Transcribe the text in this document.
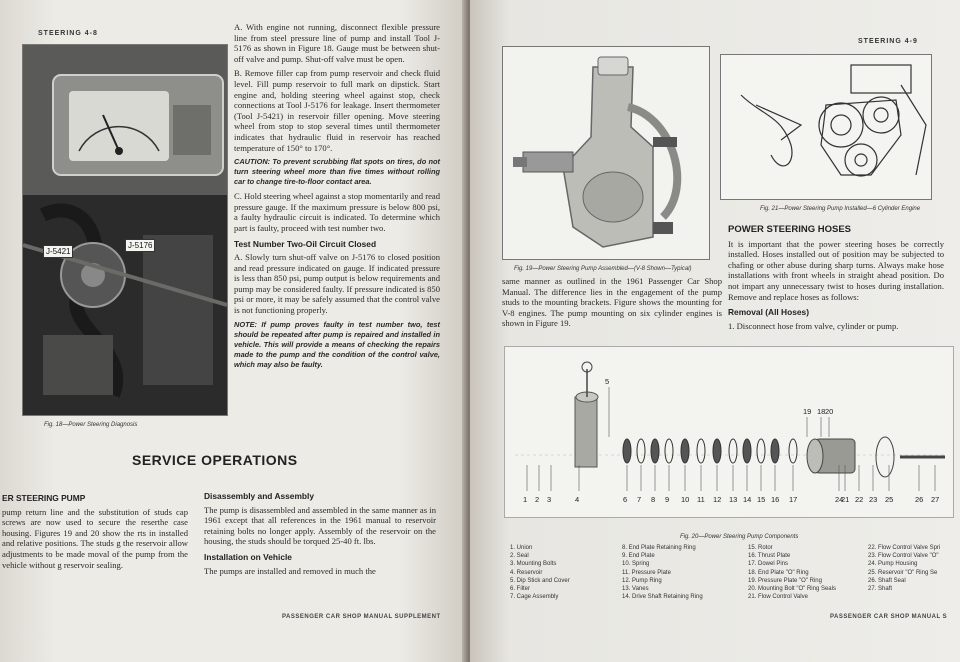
STEERING 4-8
J-5421
J-5176
Fig. 18—Power Steering Diagnosis

A. With engine not running, disconnect flexible pressure line from steel pressure line of pump and install Tool J-5176 as shown in Figure 18. Gauge must be between shut-off valve and pump. Shut-off valve must be open.

B. Remove filler cap from pump reservoir and check fluid level. Fill pump reservoir to full mark on dipstick. Start engine and, holding steering wheel against stop, check connections at Tool J-5176 for leakage. Insert thermometer (Tool J-5421) in reservoir filler opening. Move steering wheel from stop to stop several times until thermometer indicates that hydraulic fluid in reservoir has reached temperature of 150° to 170°.

CAUTION: To prevent scrubbing flat spots on tires, do not turn steering wheel more than five times without rolling car to change tire-to-floor contact area.

C. Hold steering wheel against a stop momentarily and read pressure gauge. If the maximum pressure is below 800 psi, a faulty hydraulic circuit is indicated. To determine which part is faulty, proceed with test number two.

Test Number Two-Oil Circuit Closed

A. Slowly turn shut-off valve on J-5176 to closed position and read pressure indicated on gauge. If indicated pressure is less than 850 psi, pump output is below requirements and pump may be considered faulty. If pressure indicated is 850 psi or more, it may be safely assumed that the control valve is not functioning properly.

NOTE: If pump proves faulty in test number two, test should be repeated after pump is repaired and installed in vehicle. This will provide a means of checking the repairs made to the pump and the condition of the control valve, which may also be faulty.

SERVICE OPERATIONS
ER STEERING PUMP

pump return line and the substitution of studs cap screws are now used to secure the reserthe case housing. Figures 19 and 20 show the rts in installed and relative positions. The studs g the reservoir allow adjustments to be made moval of the pump from the vehicle without g reservoir sealing.

Disassembly and Assembly

The pump is disassembled and assembled in the same manner as in 1961 except that all references in the 1961 manual to reservoir retaining bolts no longer apply. Assembly of the reservoir on the housing, the studs should be torqued 25-40 ft. lbs.

Installation on Vehicle

The pumps are installed and removed in much the

PASSENGER CAR SHOP MANUAL SUPPLEMENT
STEERING 4-9
Fig. 19—Power Steering Pump Assembled—(V-8 Shown—Typical)
Fig. 21—Power Steering Pump Installed—6 Cylinder Engine

same manner as outlined in the 1961 Passenger Car Shop Manual. The difference lies in the engagement of the pump studs to the mounting brackets. Figure shows the mounting for V-8 engines. The pump mounting on six cylinder engines is shown in Figure 19.

POWER STEERING HOSES

It is important that the power steering hoses be correctly installed. Hoses installed out of position may be subjected to chafing or other abuse during sharp turns. Always make hose installations with front wheels in straight ahead position. Do not impart any unnecessary twist to hoses during installation. Remove and replace hoses as follows:

Removal (All Hoses)

1. Disconnect hose from valve, cylinder or pump.

1 2 3	4
5
6 7 8 9 10 11 12 13 14 15 16 17
18
19 20
21 22 23
24	25	26 27
Fig. 20—Power Steering Pump Components
1. Union
2. Seal
3. Mounting Bolts
4. Reservoir
5. Dip Stick and Cover
6. Filter
7. Cage Assembly
8. End Plate Retaining Ring
9. End Plate
10. Spring
11. Pressure Plate
12. Pump Ring
13. Vanes
14. Drive Shaft Retaining Ring
15. Rotor
16. Thrust Plate
17. Dowel Pins
18. End Plate "O" Ring
19. Pressure Plate "O" Ring
20. Mounting Bolt "O" Ring Seals
21. Flow Control Valve
22. Flow Control Valve Spri
23. Flow Control Valve "O"
24. Pump Housing
25. Reservoir "O" Ring Se
26. Shaft Seal
27. Shaft
PASSENGER CAR SHOP MANUAL S
